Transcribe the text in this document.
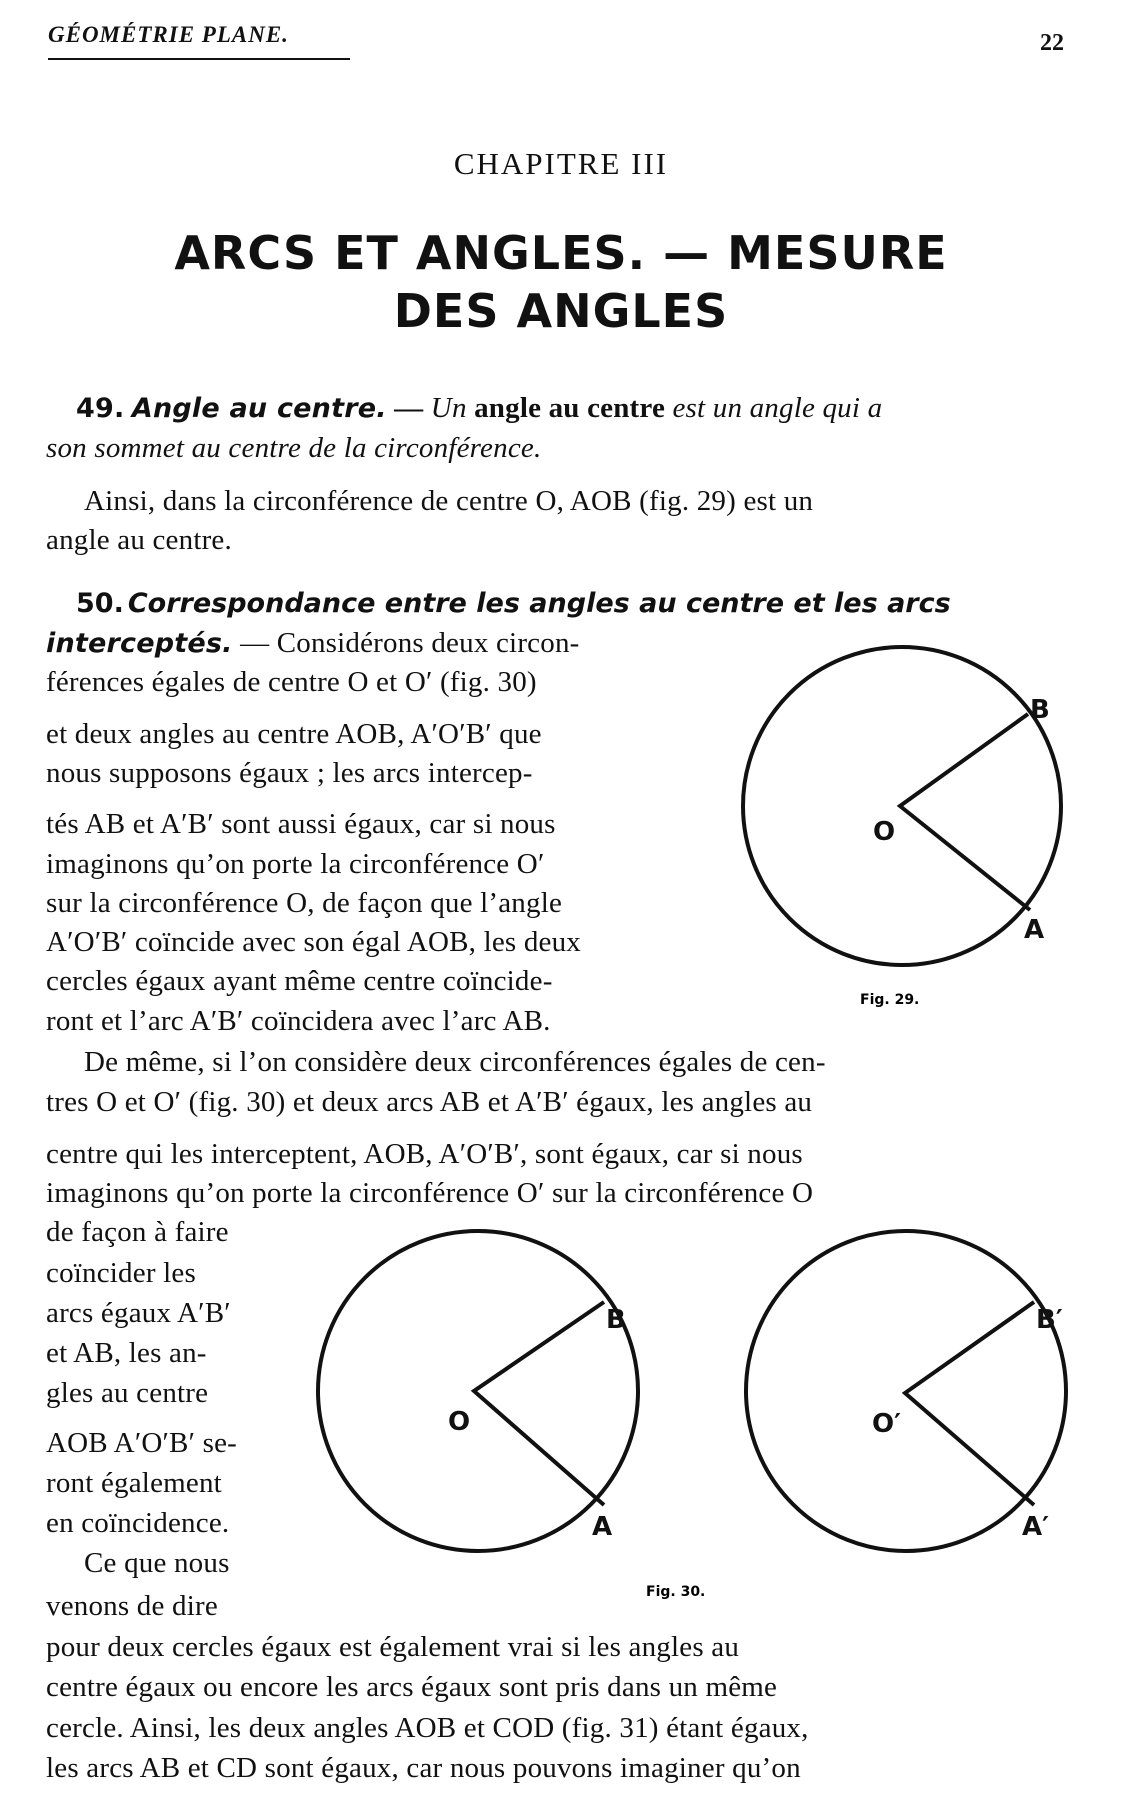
GÉOMÉTRIE PLANE.	22
CHAPITRE III
ARCS ET ANGLES. — MESURE
DES ANGLES
49. Angle au centre. — Un angle au centre est un angle qui a
son sommet au centre de la circonférence.
Ainsi, dans la circonférence de centre O, AOB (fig. 29) est un
angle au centre.
50. Correspondance entre les angles au centre et les arcs
interceptés. — Considérons deux circon-
férences égales de centre O et O′ (fig. 30)
et deux angles au centre AOB, A′O′B′ que
nous supposons égaux ; les arcs intercep-
tés AB et A′B′ sont aussi égaux, car si nous
imaginons qu’on porte la circonférence O′
sur la circonférence O, de façon que l’angle
A′O′B′ coïncide avec son égal AOB, les deux
cercles égaux ayant même centre coïncide-
ront et l’arc A′B′ coïncidera avec l’arc AB.
De même, si l’on considère deux circonférences égales de cen-
tres O et O′ (fig. 30) et deux arcs AB et A′B′ égaux, les angles au
centre qui les interceptent, AOB, A′O′B′, sont égaux, car si nous
imaginons qu’on porte la circonférence O′ sur la circonférence O
de façon à faire
coïncider les
arcs égaux A′B′
et AB, les an-
gles au centre
AOB A′O′B′ se-
ront également
en coïncidence.
Ce que nous
venons de dire
pour deux cercles égaux est également vrai si les angles au
centre égaux ou encore les arcs égaux sont pris dans un même
cercle. Ainsi, les deux angles AOB et COD (fig. 31) étant égaux,
les arcs AB et CD sont égaux, car nous pouvons imaginer qu’on
O
B
A
Fig. 29.
O
B
A
O′
B′
A′
Fig. 30.
